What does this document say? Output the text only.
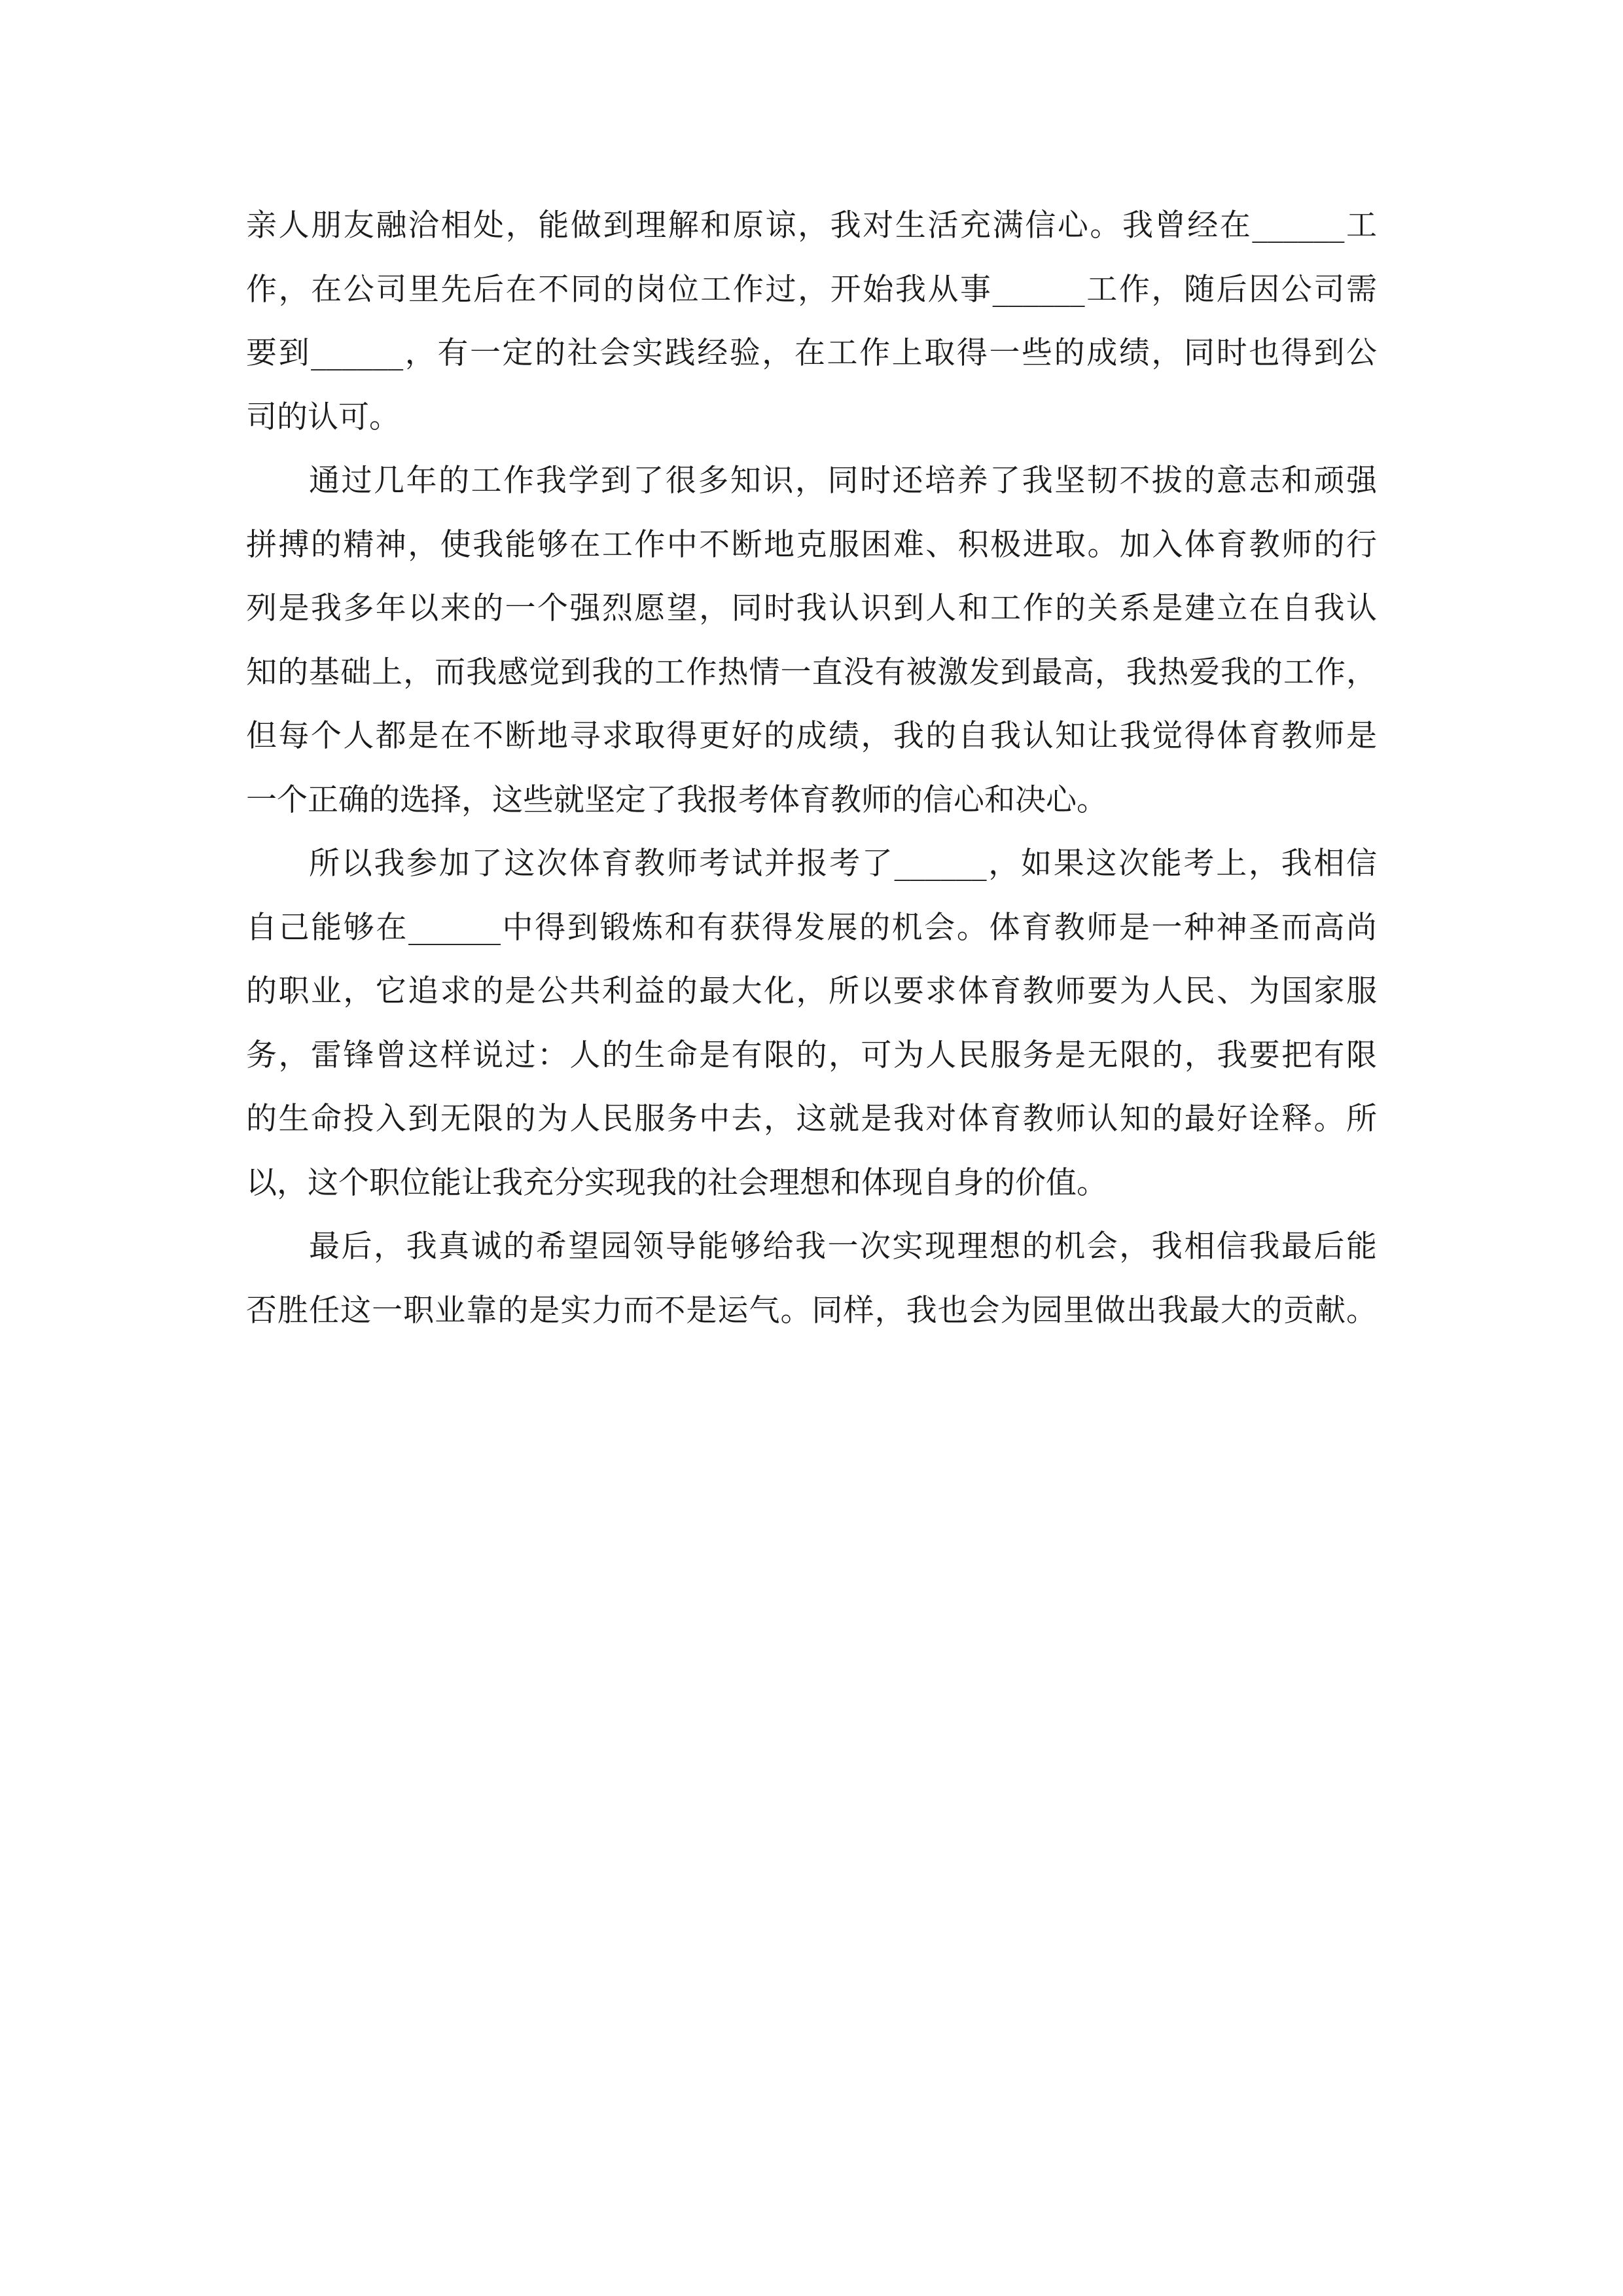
亲人朋友融洽相处，能做到理解和原谅，我对生活充满信心。我曾经在______工
作，在公司里先后在不同的岗位工作过，开始我从事______工作，随后因公司需
要到______，有一定的社会实践经验，在工作上取得一些的成绩，同时也得到公
司的认可。
通过几年的工作我学到了很多知识，同时还培养了我坚韧不拔的意志和顽强
拼搏的精神，使我能够在工作中不断地克服困难、积极进取。加入体育教师的行
列是我多年以来的一个强烈愿望，同时我认识到人和工作的关系是建立在自我认
知的基础上，而我感觉到我的工作热情一直没有被激发到最高，我热爱我的工作，
但每个人都是在不断地寻求取得更好的成绩，我的自我认知让我觉得体育教师是
一个正确的选择，这些就坚定了我报考体育教师的信心和决心。
所以我参加了这次体育教师考试并报考了______，如果这次能考上，我相信
自己能够在______中得到锻炼和有获得发展的机会。体育教师是一种神圣而高尚
的职业，它追求的是公共利益的最大化，所以要求体育教师要为人民、为国家服
务，雷锋曾这样说过：人的生命是有限的，可为人民服务是无限的，我要把有限
的生命投入到无限的为人民服务中去，这就是我对体育教师认知的最好诠释。所
以，这个职位能让我充分实现我的社会理想和体现自身的价值。
最后，我真诚的希望园领导能够给我一次实现理想的机会，我相信我最后能
否胜任这一职业靠的是实力而不是运气。同样，我也会为园里做出我最大的贡献。
